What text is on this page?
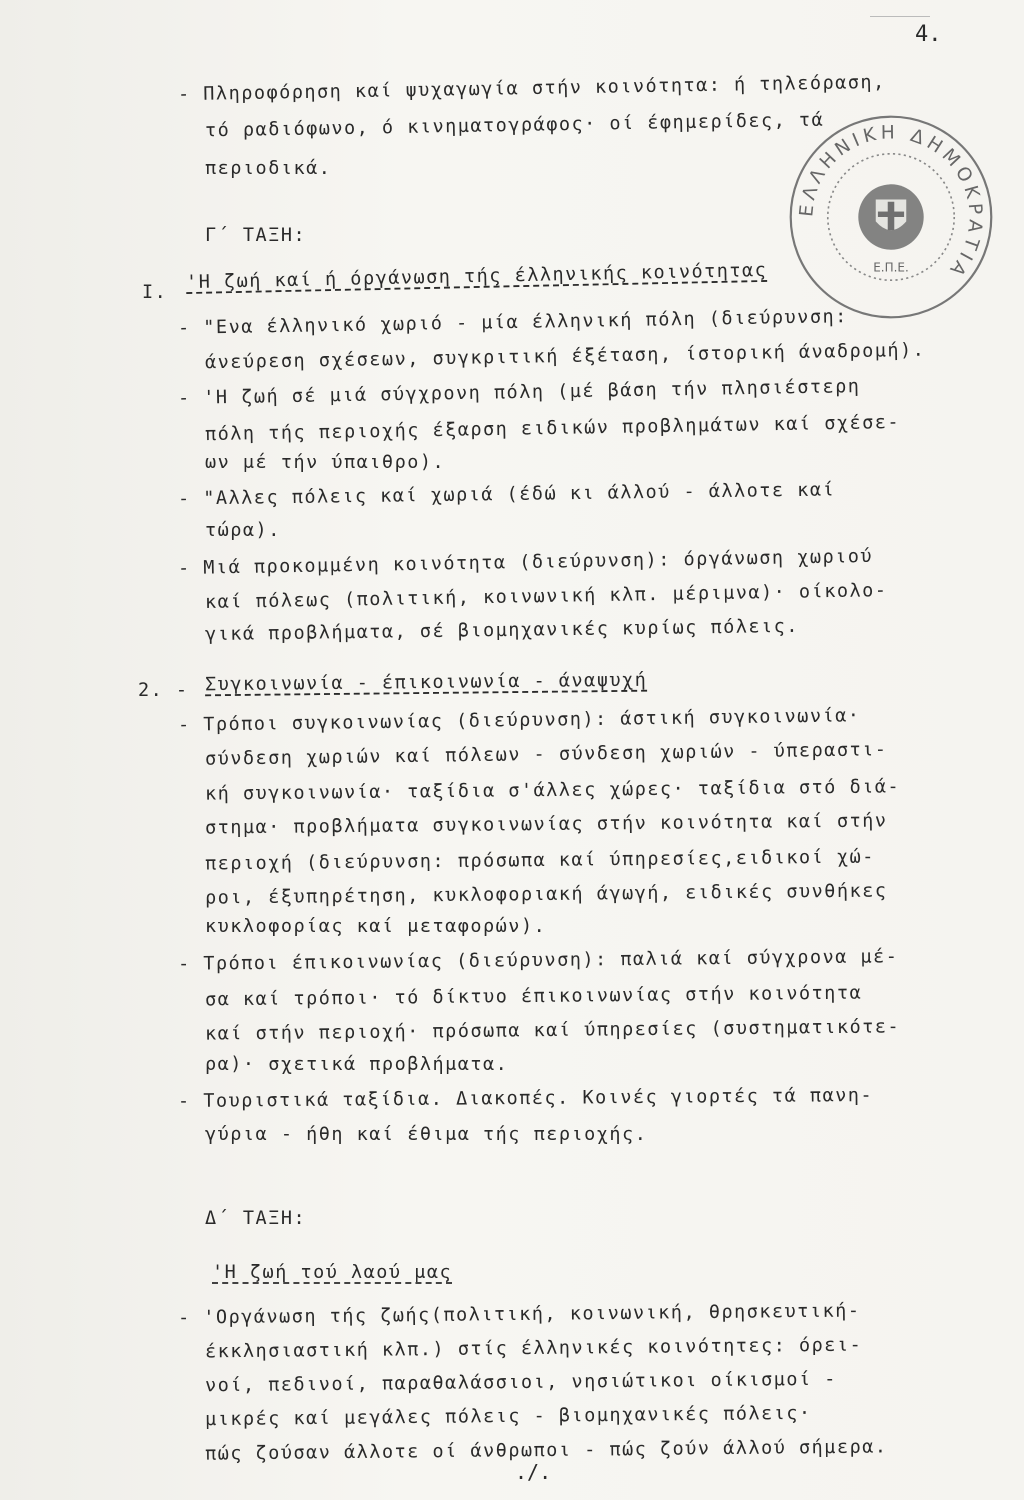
4.
- Πληροφόρηση καί ψυχαγωγία στήν κοινότητα: ή τηλεόραση,
τό ραδιόφωνο, ό κινηματογράφος· οί έφημερίδες, τά
περιοδικά.
Γ΄ ΤΑΞΗ:
Ι. 'Η ζωή καί ή όργάνωση τής έλληνικής κοινότητας
- "Ενα έλληνικό χωριό - μία έλληνική πόλη (διεύρυνση:
άνεύρεση σχέσεων, συγκριτική έξέταση, ίστορική άναδρομή).
- 'Η ζωή σέ μιά σύγχρονη πόλη (μέ βάση τήν πλησιέστερη
πόλη τής περιοχής έξαρση ειδικών προβλημάτων καί σχέσε-
ων μέ τήν ύπαιθρο).
- "Αλλες πόλεις καί χωριά (έδώ κι άλλού - άλλοτε καί
τώρα).
- Μιά προκομμένη κοινότητα (διεύρυνση): όργάνωση χωριού
καί πόλεως (πολιτική, κοινωνική κλπ. μέριμνα)· οίκολο-
γικά προβλήματα, σέ βιομηχανικές κυρίως πόλεις.
2. - Συγκοινωνία - έπικοινωνία - άναψυχή
- Τρόποι συγκοινωνίας (διεύρυνση): άστική συγκοινωνία·
σύνδεση χωριών καί πόλεων - σύνδεση χωριών - ύπεραστι-
κή συγκοινωνία· ταξίδια σ'άλλες χώρες· ταξίδια στό διά-
στημα· προβλήματα συγκοινωνίας στήν κοινότητα καί στήν
περιοχή (διεύρυνση: πρόσωπα καί ύπηρεσίες,ειδικοί χώ-
ροι, έξυπηρέτηση, κυκλοφοριακή άγωγή, ειδικές συνθήκες
κυκλοφορίας καί μεταφορών).
- Τρόποι έπικοινωνίας (διεύρυνση): παλιά καί σύγχρονα μέ-
σα καί τρόποι· τό δίκτυο έπικοινωνίας στήν κοινότητα
καί στήν περιοχή· πρόσωπα καί ύπηρεσίες (συστηματικότε-
ρα)· σχετικά προβλήματα.
- Τουριστικά ταξίδια. Διακοπές. Κοινές γιορτές τά πανη-
γύρια - ήθη καί έθιμα τής περιοχής.
Δ΄ ΤΑΞΗ:
'Η ζωή τού λαού μας
- 'Οργάνωση τής ζωής(πολιτική, κοινωνική, θρησκευτική-
έκκλησιαστική κλπ.) στίς έλληνικές κοινότητες: όρει-
νοί, πεδινοί, παραθαλάσσιοι, νησιώτικοι οίκισμοί -
μικρές καί μεγάλες πόλεις - βιομηχανικές πόλεις·
πώς ζούσαν άλλοτε οί άνθρωποι - πώς ζούν άλλού σήμερα.
./.
ΕΛΛΗΝΙΚΗ ΔΗΜΟΚΡΑΤΙΑ
Ε.Π.Ε.
